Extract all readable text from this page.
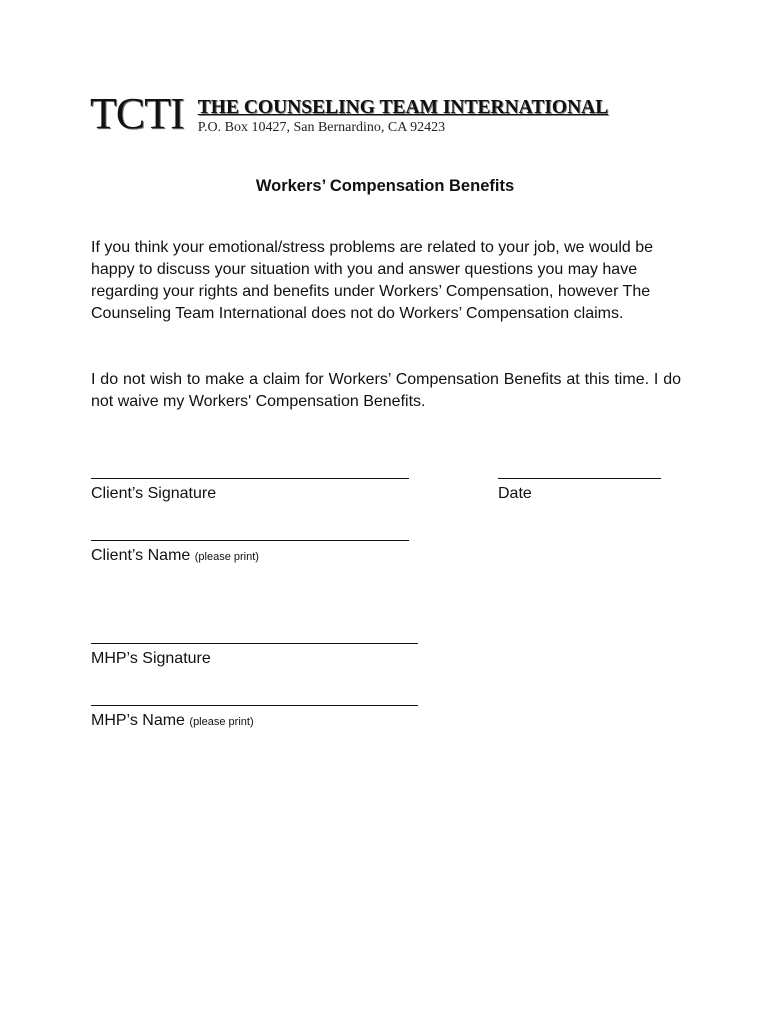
TCTI THE COUNSELING TEAM INTERNATIONAL
P.O. Box 10427, San Bernardino, CA 92423
Workers’ Compensation Benefits
If you think your emotional/stress problems are related to your job, we would be happy to discuss your situation with you and answer questions you may have regarding your rights and benefits under Workers’ Compensation, however The Counseling Team International does not do Workers’ Compensation claims.
I do not wish to make a claim for Workers’ Compensation Benefits at this time. I do not waive my Workers' Compensation Benefits.
Client’s Signature	Date
Client’s Name (please print)
MHP’s Signature
MHP’s Name (please print)
